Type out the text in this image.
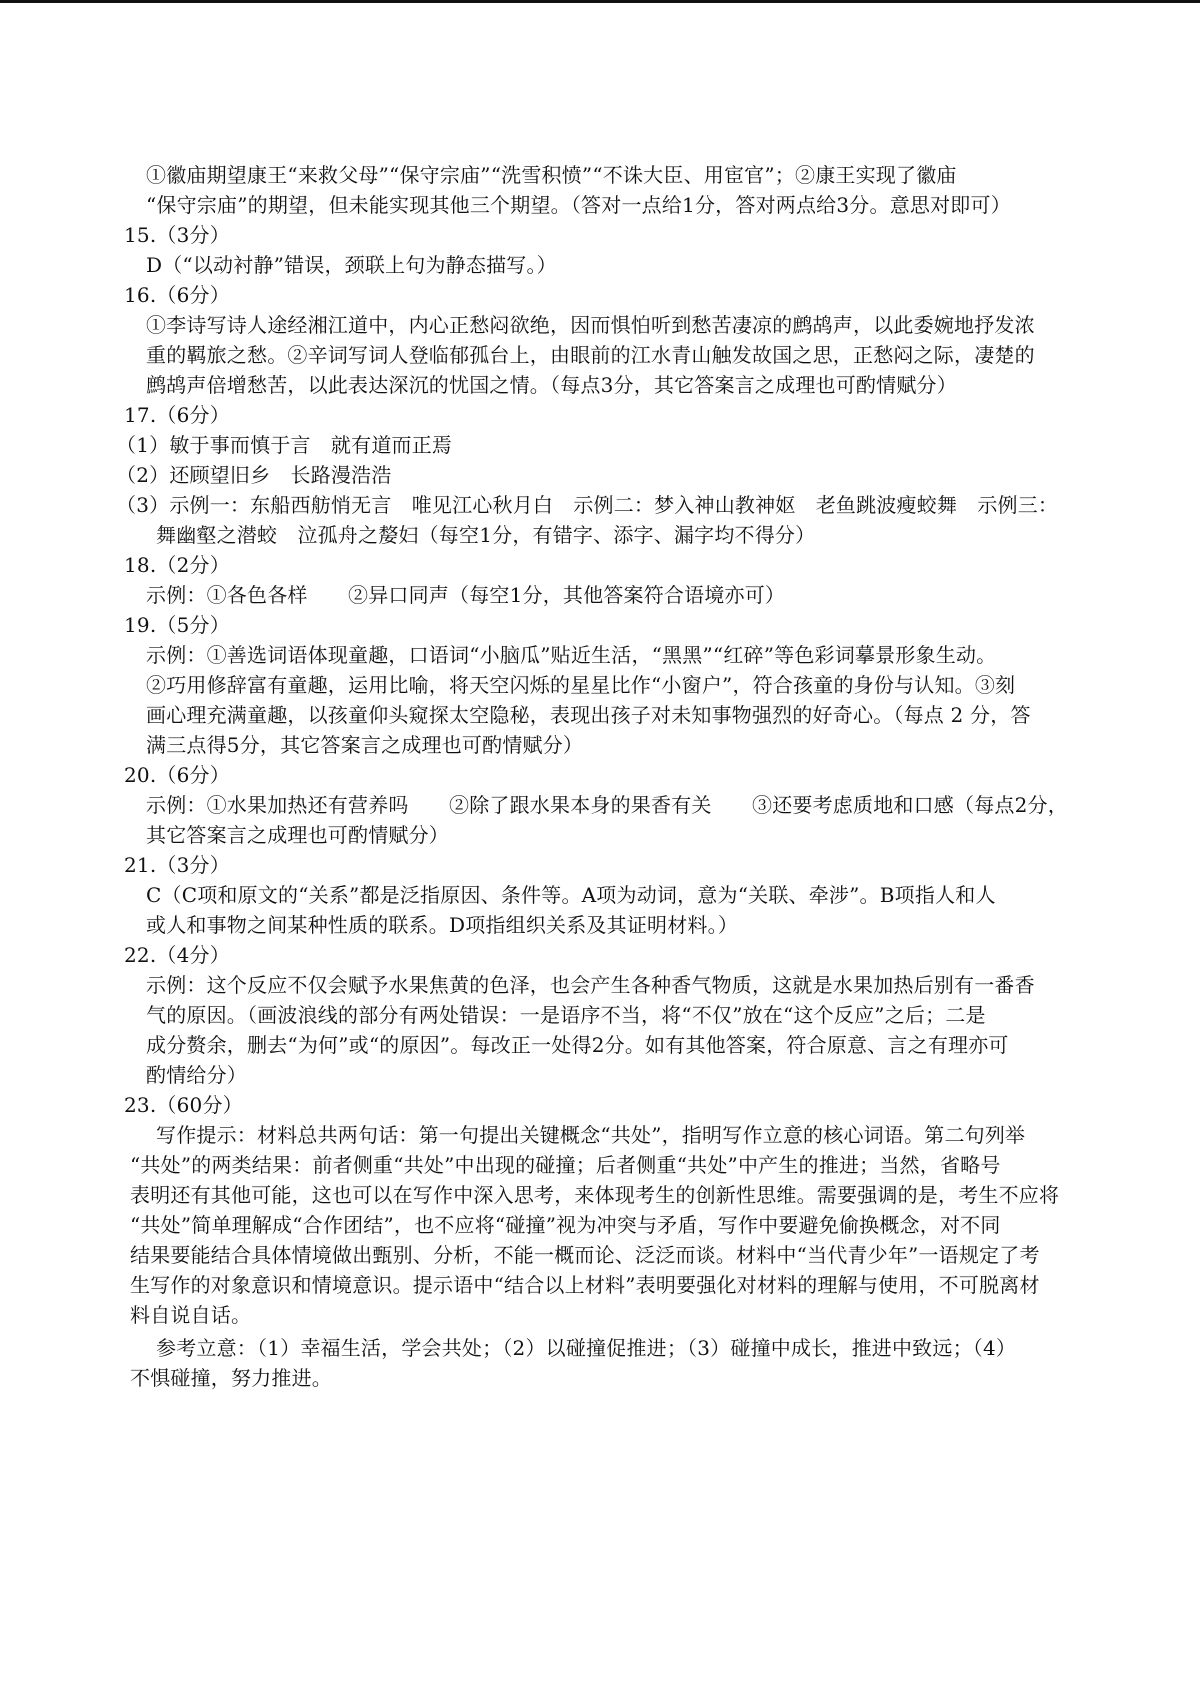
①徽庙期望康王“来救父母”“保守宗庙”“洗雪积愤”“不诛大臣、用宦官”；②康王实现了徽庙
“保守宗庙”的期望，但未能实现其他三个期望。（答对一点给1分，答对两点给3分。意思对即可）
15.（3分）
D（“以动衬静”错误，颈联上句为静态描写。）
16.（6分）
①李诗写诗人途经湘江道中，内心正愁闷欲绝，因而惧怕听到愁苦凄凉的鹧鸪声，以此委婉地抒发浓
重的羁旅之愁。②辛词写词人登临郁孤台上，由眼前的江水青山触发故国之思，正愁闷之际，凄楚的
鹧鸪声倍增愁苦，以此表达深沉的忧国之情。（每点3分，其它答案言之成理也可酌情赋分）
17.（6分）
（1）敏于事而慎于言　就有道而正焉
（2）还顾望旧乡　长路漫浩浩
（3）示例一：东船西舫悄无言　唯见江心秋月白　示例二：梦入神山教神妪　老鱼跳波瘦蛟舞　示例三：
舞幽壑之潜蛟　泣孤舟之嫠妇（每空1分，有错字、添字、漏字均不得分）
18.（2分）
示例：①各色各样　　②异口同声（每空1分，其他答案符合语境亦可）
19.（5分）
示例：①善选词语体现童趣，口语词“小脑瓜”贴近生活，“黑黑”“红碎”等色彩词摹景形象生动。
②巧用修辞富有童趣，运用比喻，将天空闪烁的星星比作“小窗户”，符合孩童的身份与认知。③刻
画心理充满童趣，以孩童仰头窥探太空隐秘，表现出孩子对未知事物强烈的好奇心。（每点 2 分，答
满三点得5分，其它答案言之成理也可酌情赋分）
20.（6分）
示例：①水果加热还有营养吗　　②除了跟水果本身的果香有关　　③还要考虑质地和口感（每点2分，
其它答案言之成理也可酌情赋分）
21.（3分）
C（C项和原文的“关系”都是泛指原因、条件等。A项为动词，意为“关联、牵涉”。B项指人和人
或人和事物之间某种性质的联系。D项指组织关系及其证明材料。）
22.（4分）
示例：这个反应不仅会赋予水果焦黄的色泽，也会产生各种香气物质，这就是水果加热后别有一番香
气的原因。（画波浪线的部分有两处错误：一是语序不当，将“不仅”放在“这个反应”之后；二是
成分赘余，删去“为何”或“的原因”。每改正一处得2分。如有其他答案，符合原意、言之有理亦可
酌情给分）
23.（60分）
写作提示：材料总共两句话：第一句提出关键概念“共处”，指明写作立意的核心词语。第二句列举
“共处”的两类结果：前者侧重“共处”中出现的碰撞；后者侧重“共处”中产生的推进；当然，省略号
表明还有其他可能，这也可以在写作中深入思考，来体现考生的创新性思维。需要强调的是，考生不应将
“共处”简单理解成“合作团结”，也不应将“碰撞”视为冲突与矛盾，写作中要避免偷换概念，对不同
结果要能结合具体情境做出甄别、分析，不能一概而论、泛泛而谈。材料中“当代青少年”一语规定了考
生写作的对象意识和情境意识。提示语中“结合以上材料”表明要强化对材料的理解与使用，不可脱离材
料自说自话。
参考立意：（1）幸福生活，学会共处；（2）以碰撞促推进；（3）碰撞中成长，推进中致远；（4）
不惧碰撞，努力推进。
